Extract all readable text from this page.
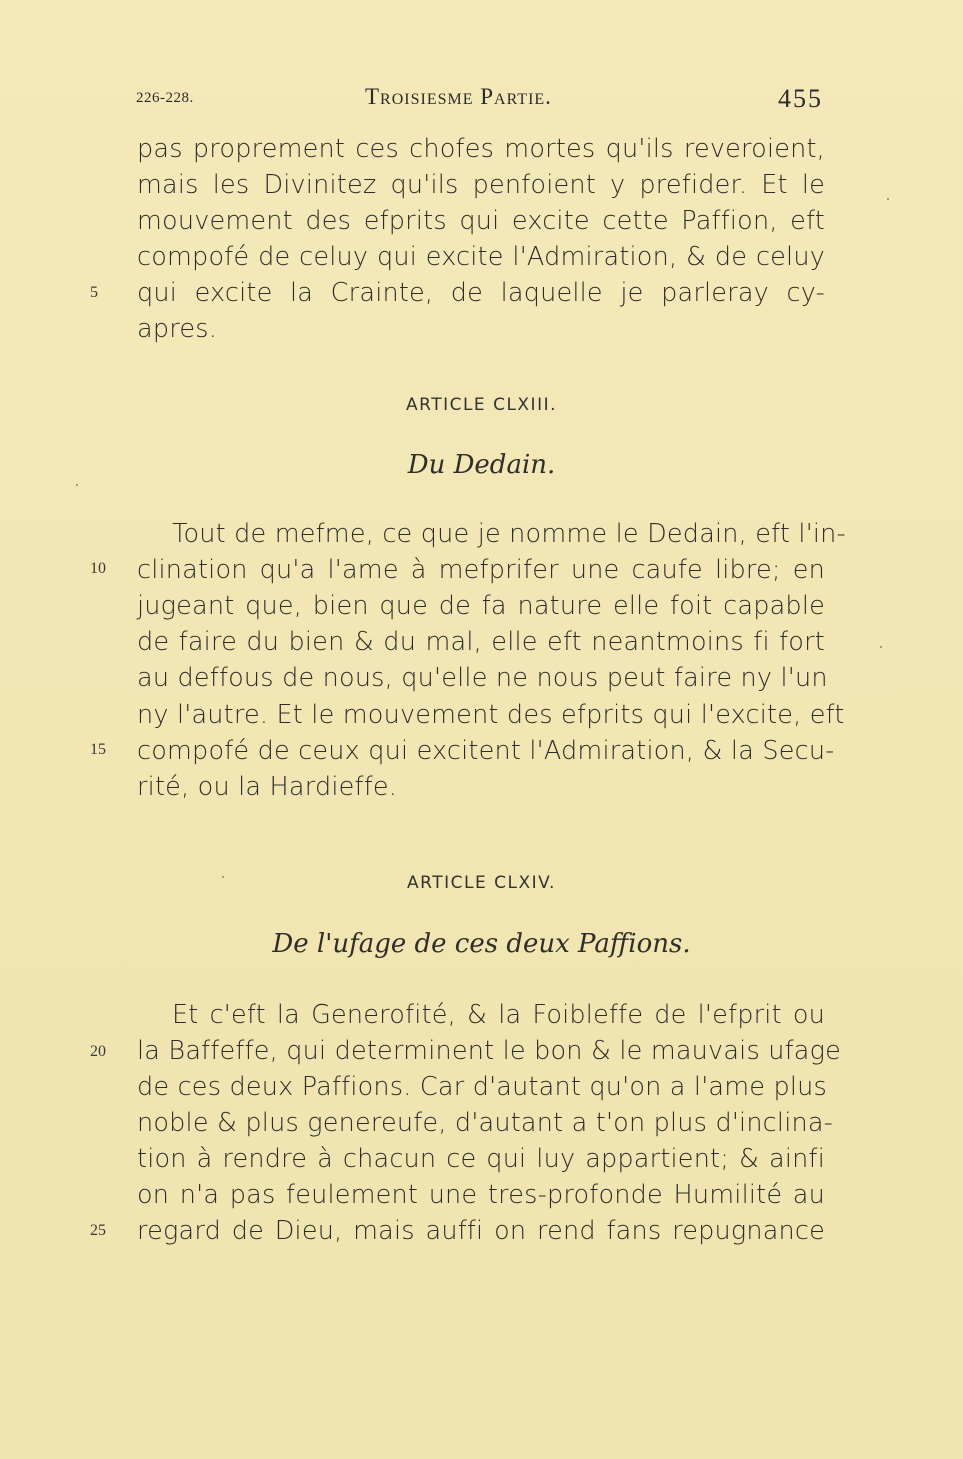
226-228.	Troisiesme Partie.	455
pas proprement ces chofes mortes qu'ils reveroient,
mais les Divinitez qu'ils penfoient y prefider. Et le
mouvement des efprits qui excite cette Paffion, eft
compofé de celuy qui excite l'Admiration, & de celuy
5	qui excite la Crainte, de laquelle je parleray cy-
apres.
ARTICLE CLXIII.
Du Dedain.
Tout de mefme, ce que je nomme le Dedain, eft l'in-
10	clination qu'a l'ame à mefprifer une caufe libre; en
jugeant que, bien que de fa nature elle foit capable
de faire du bien & du mal, elle eft neantmoins fi fort
au deffous de nous, qu'elle ne nous peut faire ny l'un
ny l'autre. Et le mouvement des efprits qui l'excite, eft
15	compofé de ceux qui excitent l'Admiration, & la Secu-
rité, ou la Hardieffe.
ARTICLE CLXIV.
De l'ufage de ces deux Paffions.
Et c'eft la Generofité, & la Foibleffe de l'efprit ou
20	la Baffeffe, qui determinent le bon & le mauvais ufage
de ces deux Paffions. Car d'autant qu'on a l'ame plus
noble & plus genereufe, d'autant a t'on plus d'inclina-
tion à rendre à chacun ce qui luy appartient; & ainfi
on n'a pas feulement une tres-profonde Humilité au
25	regard de Dieu, mais auffi on rend fans repugnance
